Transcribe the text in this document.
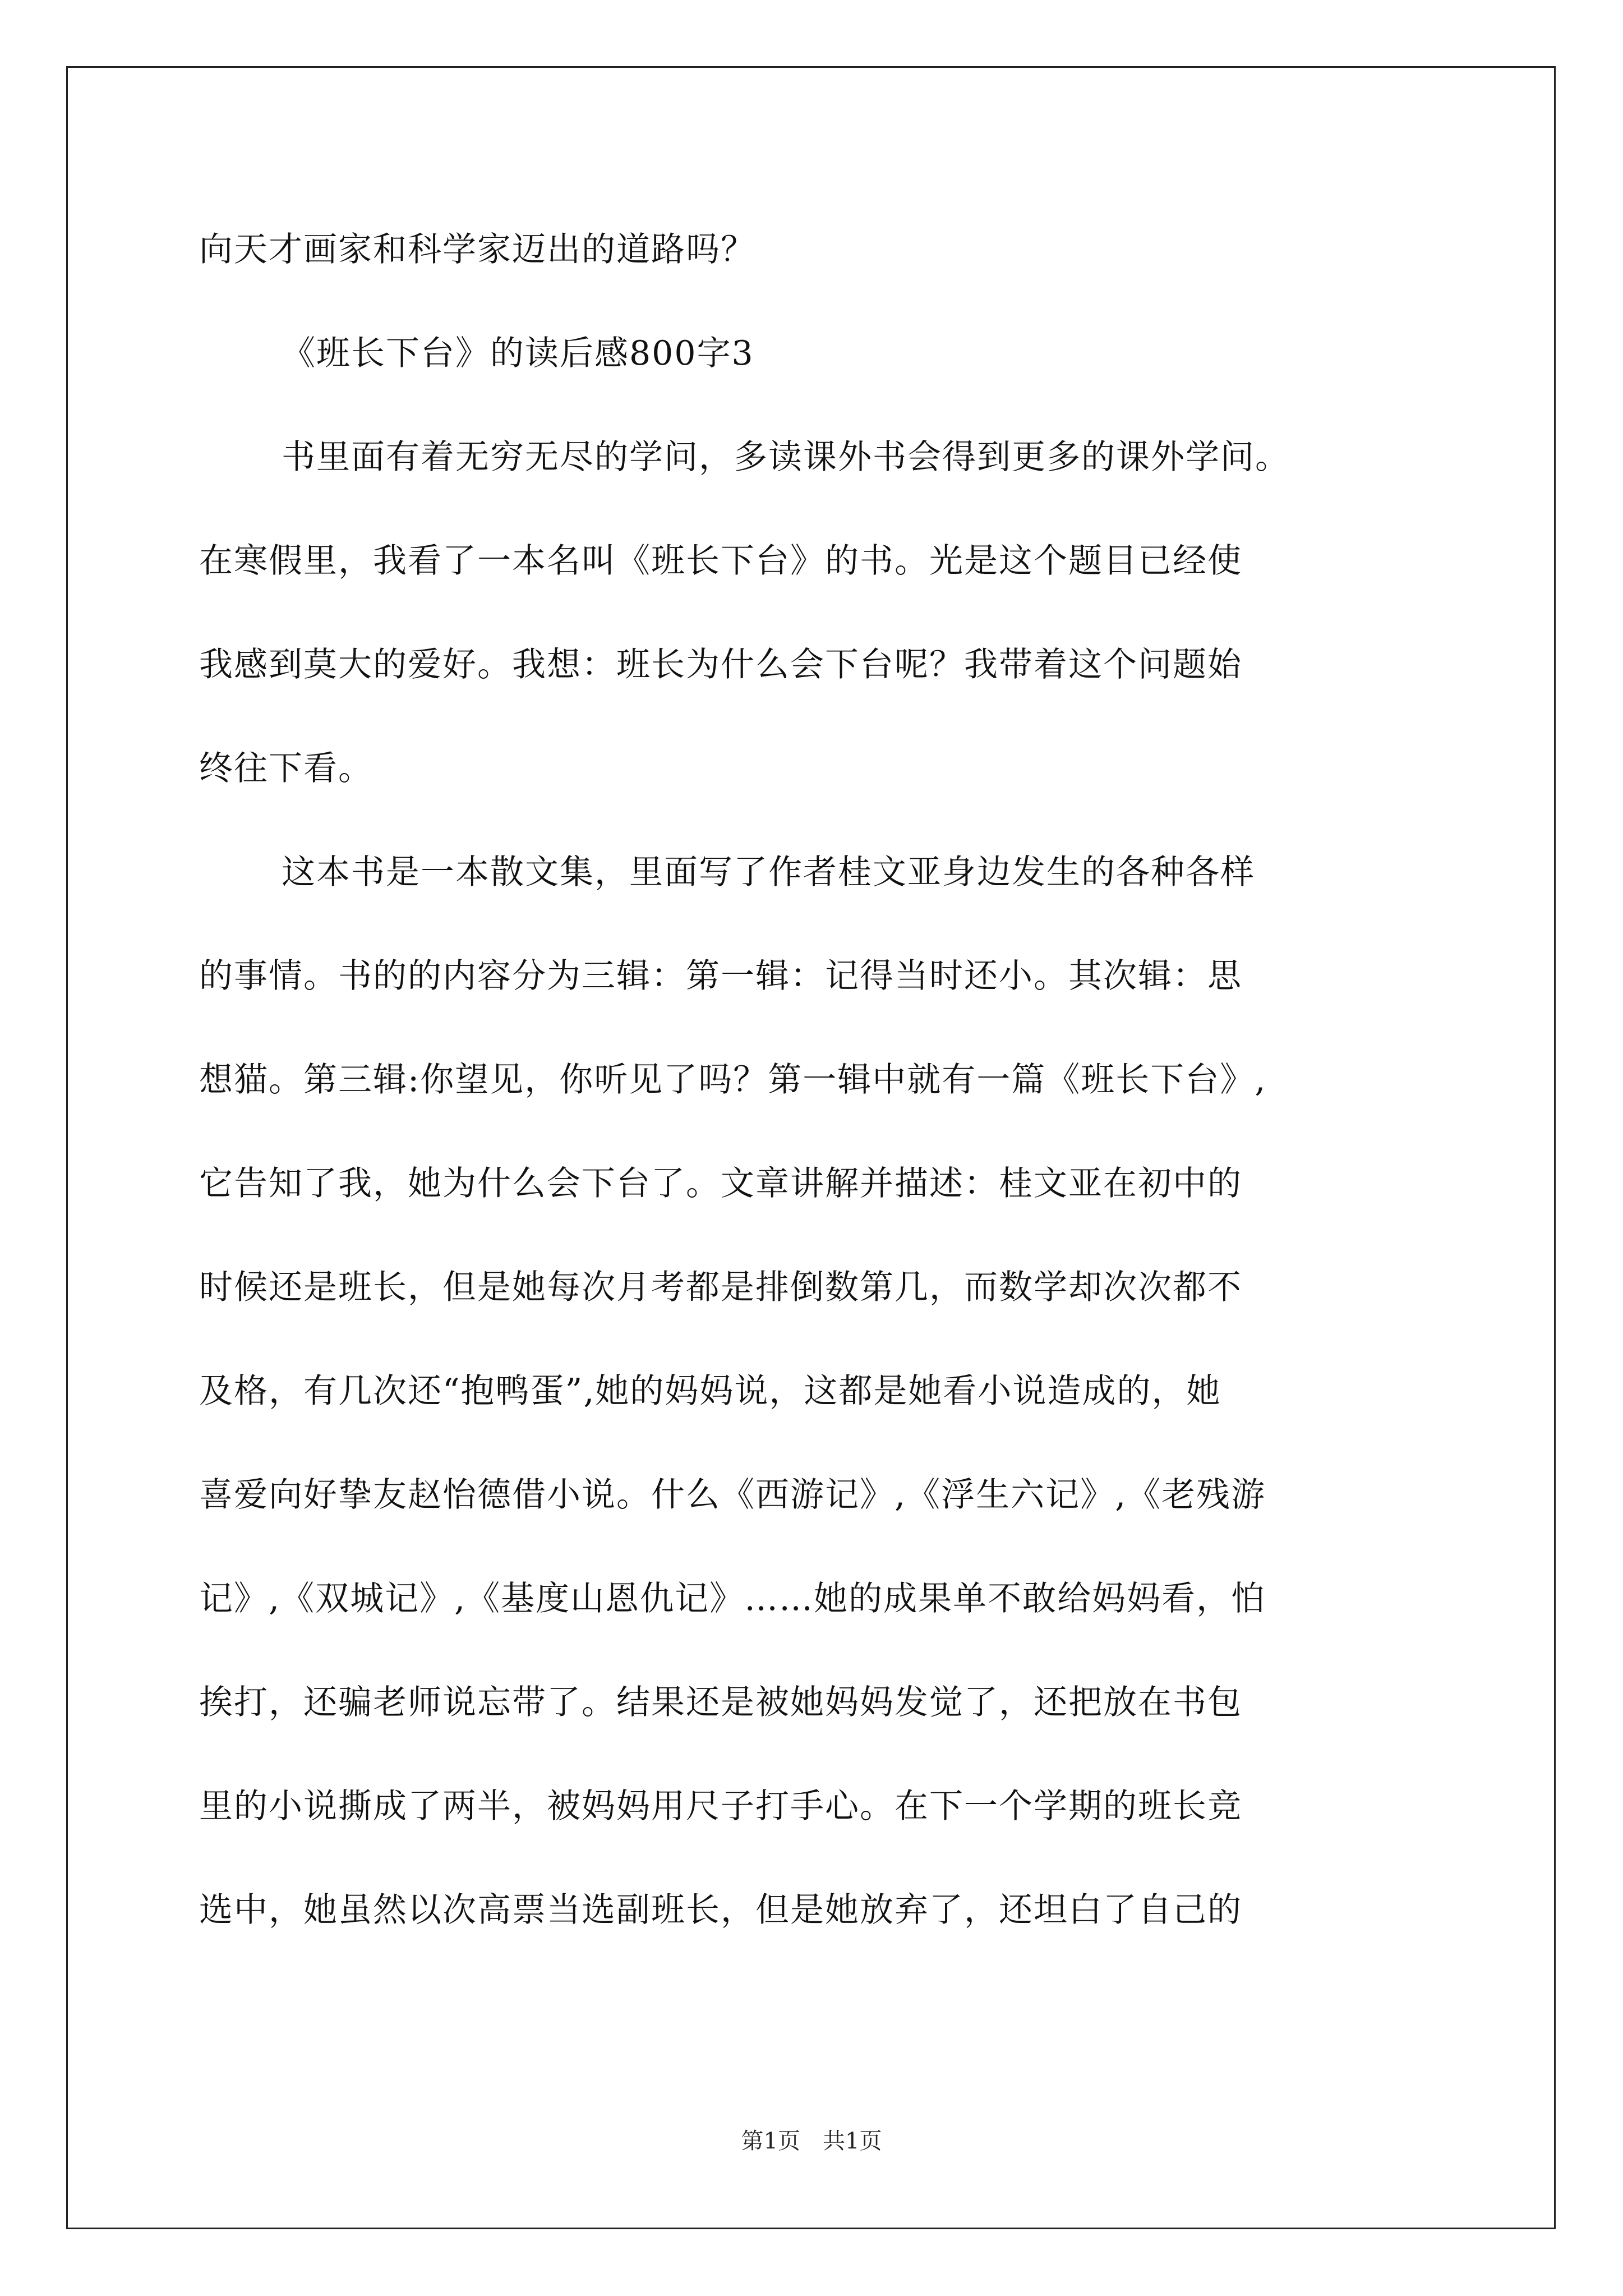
向天才画家和科学家迈出的道路吗？

《班长下台》的读后感800字3

书里面有着无穷无尽的学问，多读课外书会得到更多的课外学问。

在寒假里，我看了一本名叫《班长下台》的书。光是这个题目已经使

我感到莫大的爱好。我想：班长为什么会下台呢？我带着这个问题始

终往下看。

这本书是一本散文集，里面写了作者桂文亚身边发生的各种各样

的事情。书的的内容分为三辑：第一辑：记得当时还小。其次辑：思

想猫。第三辑:你望见，你听见了吗？第一辑中就有一篇《班长下台》,

它告知了我，她为什么会下台了。文章讲解并描述：桂文亚在初中的

时候还是班长，但是她每次月考都是排倒数第几，而数学却次次都不

及格，有几次还“抱鸭蛋”,她的妈妈说，这都是她看小说造成的，她

喜爱向好挚友赵怡德借小说。什么《西游记》,《浮生六记》,《老残游

记》,《双城记》,《基度山恩仇记》……她的成果单不敢给妈妈看，怕

挨打，还骗老师说忘带了。结果还是被她妈妈发觉了，还把放在书包

里的小说撕成了两半，被妈妈用尺子打手心。在下一个学期的班长竞

选中，她虽然以次高票当选副班长，但是她放弃了，还坦白了自己的

第1页　共1页
